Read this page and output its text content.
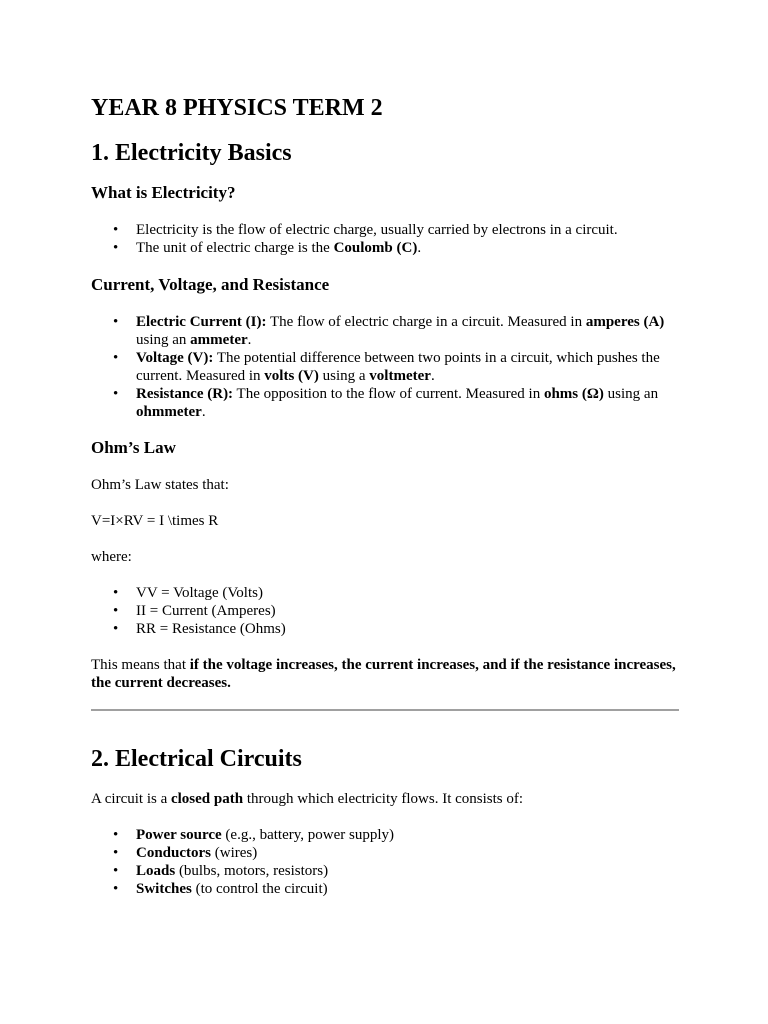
YEAR 8 PHYSICS TERM 2
1. Electricity Basics
What is Electricity?
• Electricity is the flow of electric charge, usually carried by electrons in a circuit.
• The unit of electric charge is the Coulomb (C).
Current, Voltage, and Resistance
• Electric Current (I): The flow of electric charge in a circuit. Measured in amperes (A) using an ammeter.
• Voltage (V): The potential difference between two points in a circuit, which pushes the current. Measured in volts (V) using a voltmeter.
• Resistance (R): The opposition to the flow of current. Measured in ohms (Ω) using an ohmmeter.
Ohm’s Law

Ohm’s Law states that:

V=I×RV = I \times R

where:

• VV = Voltage (Volts)
• II = Current (Amperes)
• RR = Resistance (Ohms)

This means that if the voltage increases, the current increases, and if the resistance increases, the current decreases.

2. Electrical Circuits

A circuit is a closed path through which electricity flows. It consists of:

• Power source (e.g., battery, power supply)
• Conductors (wires)
• Loads (bulbs, motors, resistors)
• Switches (to control the circuit)
